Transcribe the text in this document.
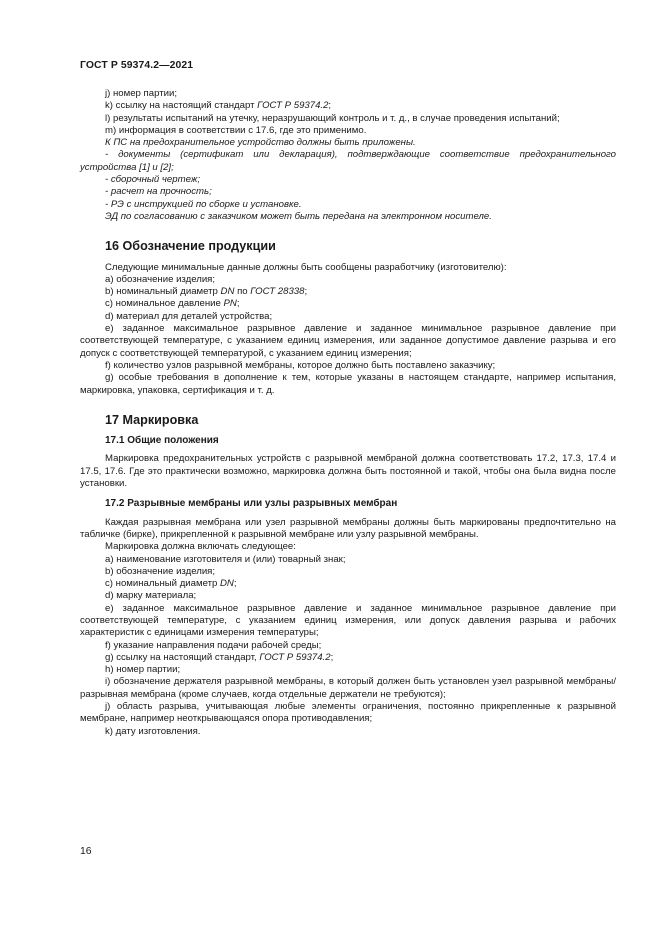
ГОСТ Р 59374.2—2021

j) номер партии;

k) ссылку на настоящий стандарт ГОСТ Р 59374.2;

l) результаты испытаний на утечку, неразрушающий контроль и т. д., в случае проведения испытаний;

m) информация в соответствии с 17.6, где это применимо.

К ПС на предохранительное устройство должны быть приложены.

- документы (сертификат или декларация), подтверждающие соответствие предохранительного устройства [1] и [2];

- сборочный чертеж;

- расчет на прочность;

- РЭ с инструкцией по сборке и установке.

ЭД по согласованию с заказчиком может быть передана на электронном носителе.

16 Обозначение продукции

Следующие минимальные данные должны быть сообщены разработчику (изготовителю):

a) обозначение изделия;

b) номинальный диаметр DN по ГОСТ 28338;

c) номинальное давление PN;

d) материал для деталей устройства;

e) заданное максимальное разрывное давление и заданное минимальное разрывное давление при соответствующей температуре, с указанием единиц измерения, или заданное допустимое давление разрыва и его допуск с соответствующей температурой, с указанием единиц измерения;

f) количество узлов разрывной мембраны, которое должно быть поставлено заказчику;

g) особые требования в дополнение к тем, которые указаны в настоящем стандарте, например испытания, маркировка, упаковка, сертификация и т. д.

17 Маркировка
17.1 Общие положения

Маркировка предохранительных устройств с разрывной мембраной должна соответствовать 17.2, 17.3, 17.4 и 17.5, 17.6. Где это практически возможно, маркировка должна быть постоянной и такой, чтобы она была видна после установки.

17.2 Разрывные мембраны или узлы разрывных мембран

Каждая разрывная мембрана или узел разрывной мембраны должны быть маркированы предпочтительно на табличке (бирке), прикрепленной к разрывной мембране или узлу разрывной мембраны.

Маркировка должна включать следующее:

a) наименование изготовителя и (или) товарный знак;

b) обозначение изделия;

c) номинальный диаметр DN;

d) марку материала;

e) заданное максимальное разрывное давление и заданное минимальное разрывное давление при соответствующей температуре, с указанием единиц измерения, или допуск давления разрыва и рабочих характеристик с единицами измерения температуры;

f) указание направления подачи рабочей среды;

g) ссылку на настоящий стандарт, ГОСТ Р 59374.2;

h) номер партии;

i) обозначение держателя разрывной мембраны, в который должен быть установлен узел разрывной мембраны/разрывная мембрана (кроме случаев, когда отдельные держатели не требуются);

j) область разрыва, учитывающая любые элементы ограничения, постоянно прикрепленные к разрывной мембране, например неоткрывающаяся опора противодавления;

k) дату изготовления.

16
